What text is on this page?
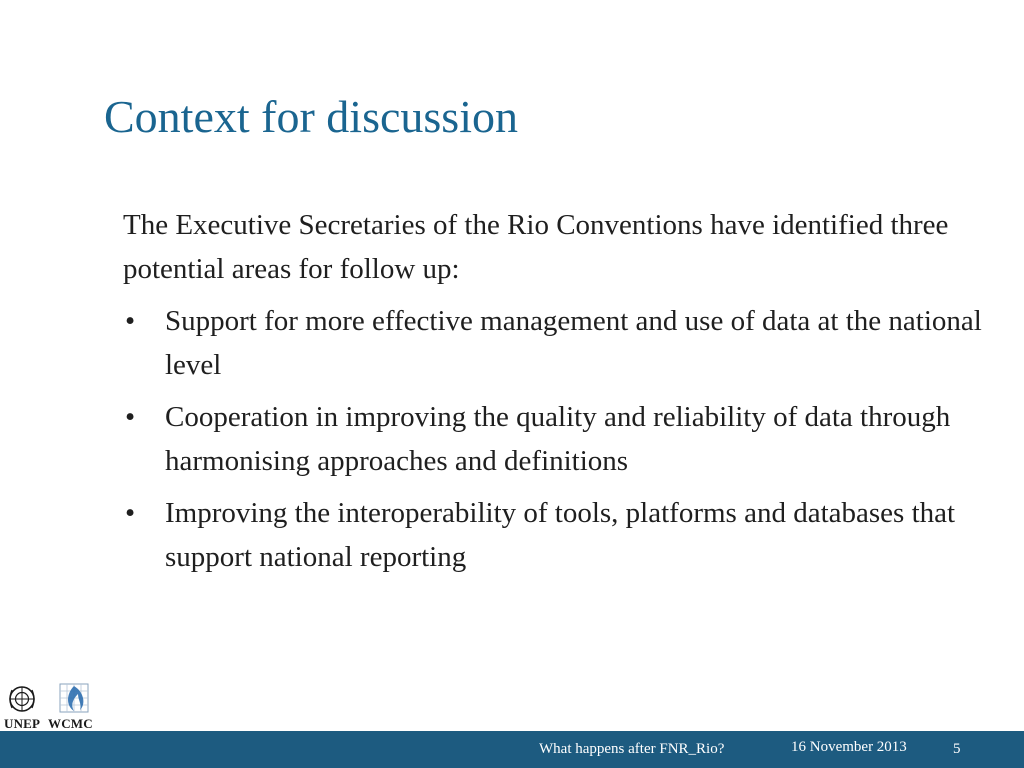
Context for discussion

The Executive Secretaries of the Rio Conventions have identified three potential areas for follow up:

• Support for more effective management and use of data at the national level
• Cooperation in improving the quality and reliability of data through harmonising approaches and definitions
• Improving the interoperability of tools, platforms and databases that support national reporting
UNEP WCMC
What happens after FNR_Rio?	16 November 2013	5
